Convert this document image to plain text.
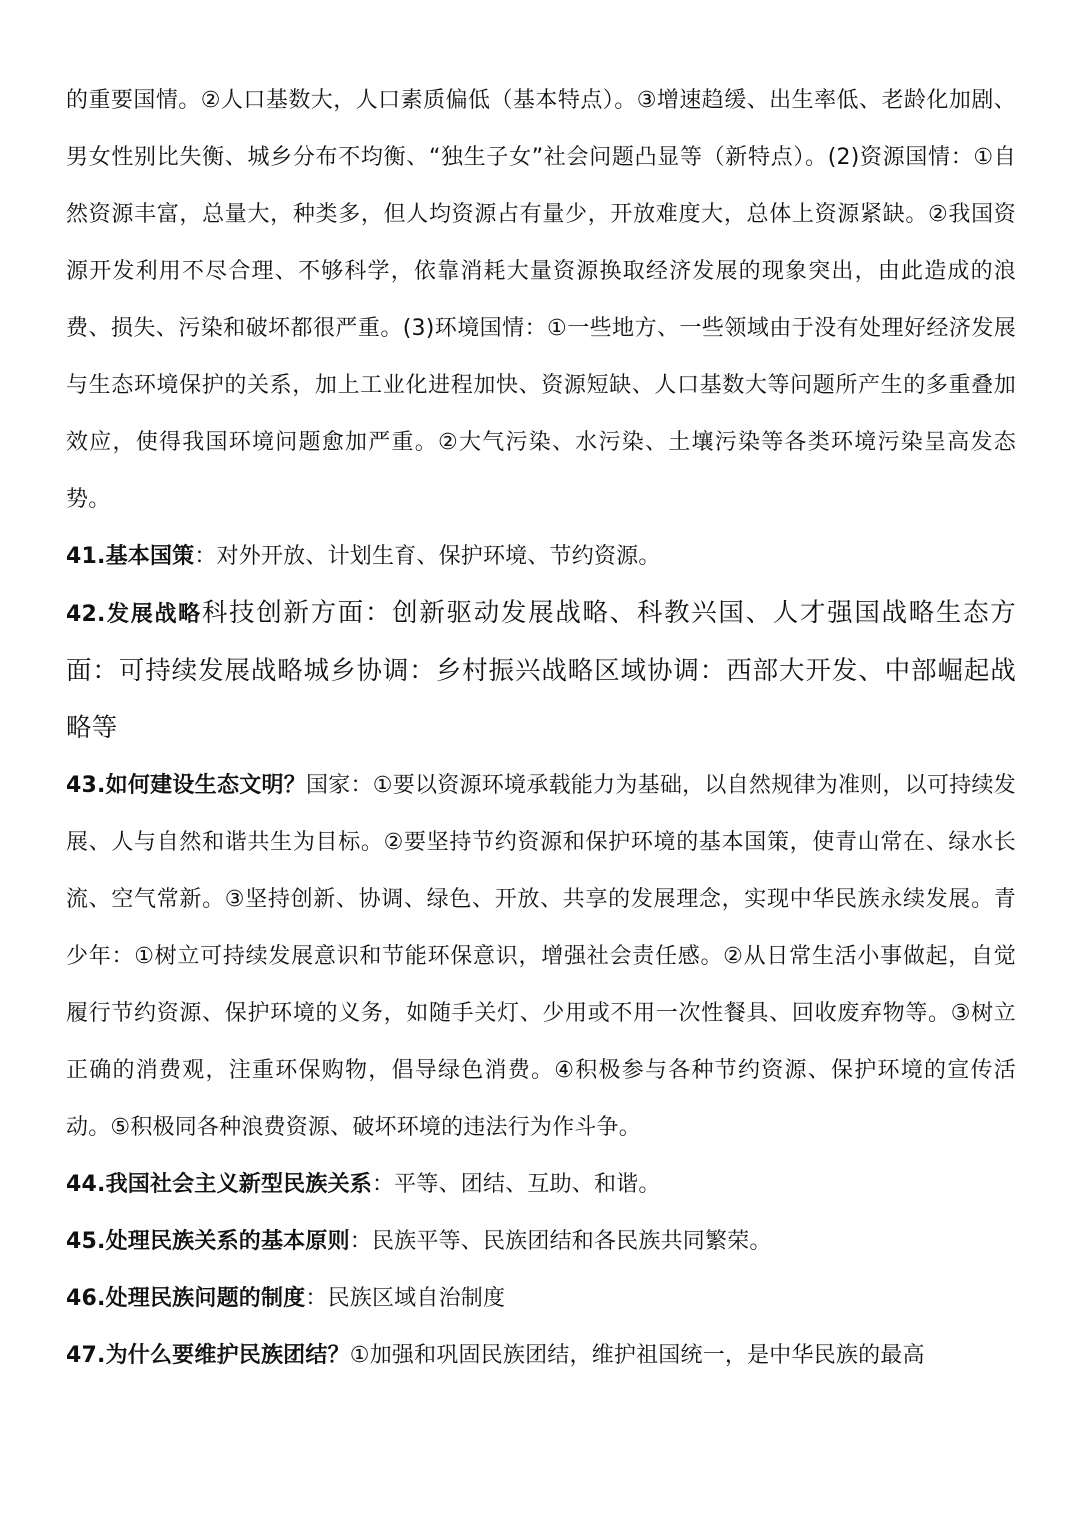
的重要国情。②人口基数大，人口素质偏低（基本特点）。③增速趋缓、出生率低、老龄化加剧、男女性别比失衡、城乡分布不均衡、“独生子女”社会问题凸显等（新特点）。(2)资源国情：①自然资源丰富，总量大，种类多，但人均资源占有量少，开放难度大，总体上资源紧缺。②我国资源开发利用不尽合理、不够科学，依靠消耗大量资源换取经济发展的现象突出，由此造成的浪费、损失、污染和破坏都很严重。(3)环境国情：①一些地方、一些领域由于没有处理好经济发展与生态环境保护的关系，加上工业化进程加快、资源短缺、人口基数大等问题所产生的多重叠加效应，使得我国环境问题愈加严重。②大气污染、水污染、土壤污染等各类环境污染呈高发态势。
41.基本国策：对外开放、计划生育、保护环境、节约资源。
42.发展战略科技创新方面：创新驱动发展战略、科教兴国、人才强国战略生态方面：可持续发展战略城乡协调：乡村振兴战略区域协调：西部大开发、中部崛起战略等
43.如何建设生态文明？国家：①要以资源环境承载能力为基础，以自然规律为准则，以可持续发展、人与自然和谐共生为目标。②要坚持节约资源和保护环境的基本国策，使青山常在、绿水长流、空气常新。③坚持创新、协调、绿色、开放、共享的发展理念，实现中华民族永续发展。青少年：①树立可持续发展意识和节能环保意识，增强社会责任感。②从日常生活小事做起，自觉履行节约资源、保护环境的义务，如随手关灯、少用或不用一次性餐具、回收废弃物等。③树立正确的消费观，注重环保购物，倡导绿色消费。④积极参与各种节约资源、保护环境的宣传活动。⑤积极同各种浪费资源、破坏环境的违法行为作斗争。
44.我国社会主义新型民族关系：平等、团结、互助、和谐。
45.处理民族关系的基本原则：民族平等、民族团结和各民族共同繁荣。
46.处理民族问题的制度：民族区域自治制度
47.为什么要维护民族团结？①加强和巩固民族团结，维护祖国统一，是中华民族的最高
